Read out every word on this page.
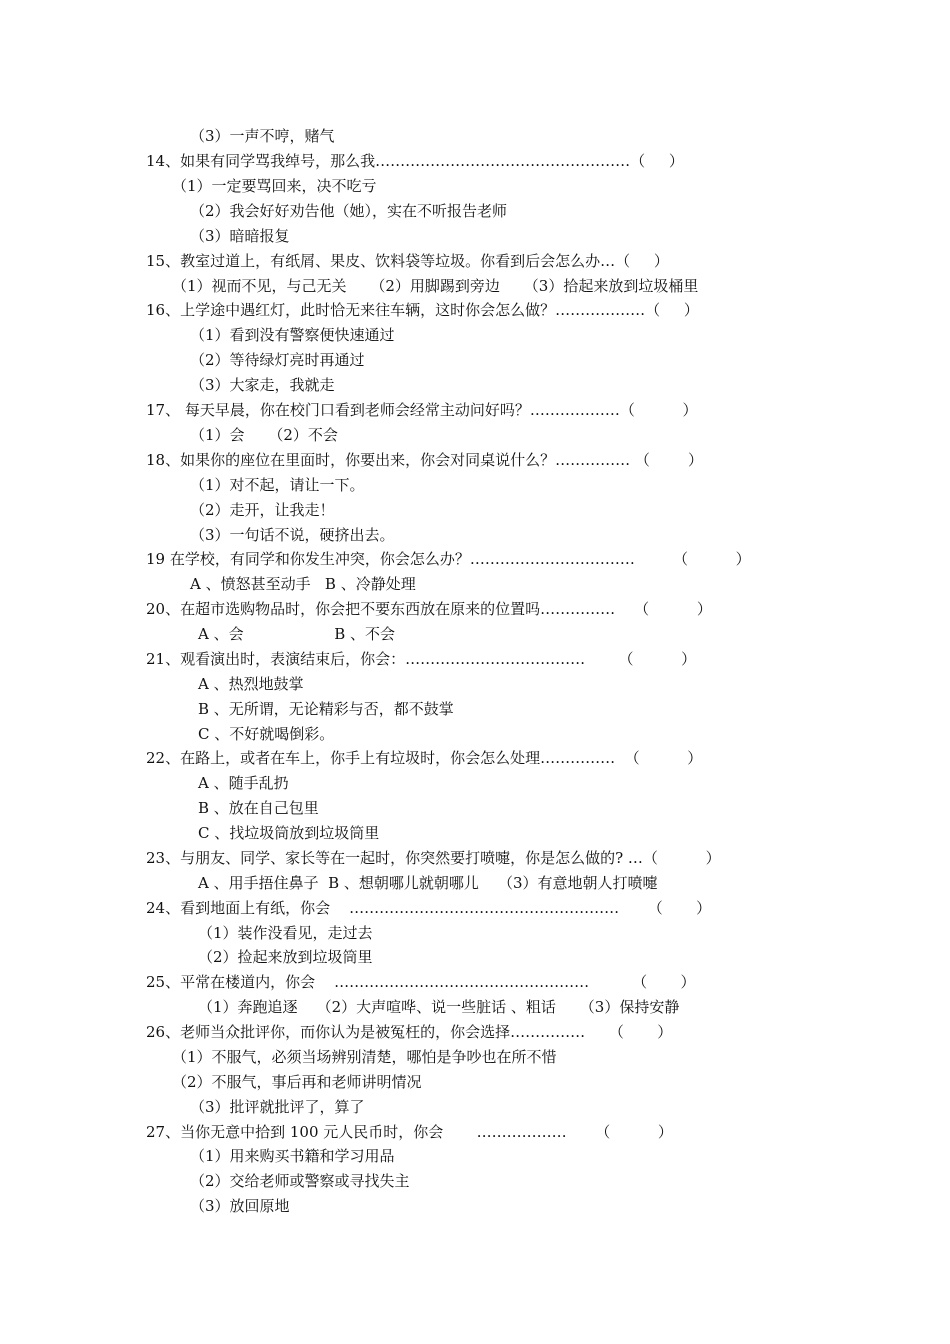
（3）一声不哼，赌气
14、如果有同学骂我绰号，那么我……………………………………………（     ）
（1）一定要骂回来，决不吃亏
（2）我会好好劝告他（她），实在不听报告老师
（3）暗暗报复
15、教室过道上，有纸屑、果皮、饮料袋等垃圾。你看到后会怎么办…（     ）
（1）视而不见，与己无关     （2）用脚踢到旁边     （3）拾起来放到垃圾桶里
16、上学途中遇红灯，此时恰无来往车辆，这时你会怎么做？………………（     ）
（1）看到没有警察便快速通过
（2）等待绿灯亮时再通过
（3）大家走，我就走
17、 每天早晨，你在校门口看到老师会经常主动问好吗？………………（          ）
（1）会     （2）不会
18、如果你的座位在里面时，你要出来，你会对同桌说什么？…………… （        ）
（1）对不起，请让一下。
（2）走开，让我走！
（3）一句话不说，硬挤出去。
19 在学校，有同学和你发生冲突，你会怎么办？……………………………        （          ）
A 、愤怒甚至动手   B 、冷静处理
20、在超市选购物品时，你会把不要东西放在原来的位置吗……………    （          ）
A 、会                   B 、不会
21、观看演出时，表演结束后，你会：………………………………       （          ）
A 、热烈地鼓掌
B 、无所谓，无论精彩与否，都不鼓掌
C 、不好就喝倒彩。
22、在路上，或者在车上，你手上有垃圾时，你会怎么处理……………  （          ）
A 、随手乱扔
B 、放在自己包里
C 、找垃圾筒放到垃圾筒里
23、与朋友、同学、家长等在一起时，你突然要打喷嚏，你是怎么做的? …（          ）
A 、用手捂住鼻子  B 、想朝哪儿就朝哪儿    （3）有意地朝人打喷嚏
24、看到地面上有纸，你会    ………………………………………………      （       ）
（1）装作没看见，走过去
（2）捡起来放到垃圾筒里
25、平常在楼道内，你会    ……………………………………………         （       ）
（1）奔跑追逐    （2）大声喧哗、说一些脏话 、粗话     （3）保持安静
26、老师当众批评你，而你认为是被冤枉的，你会选择……………     （       ）
（1）不服气，必须当场辨别清楚，哪怕是争吵也在所不惜
（2）不服气，事后再和老师讲明情况
（3）批评就批评了，算了
27、当你无意中拾到 100 元人民币时，你会       ………………      （          ）
（1）用来购买书籍和学习用品
（2）交给老师或警察或寻找失主
（3）放回原地
